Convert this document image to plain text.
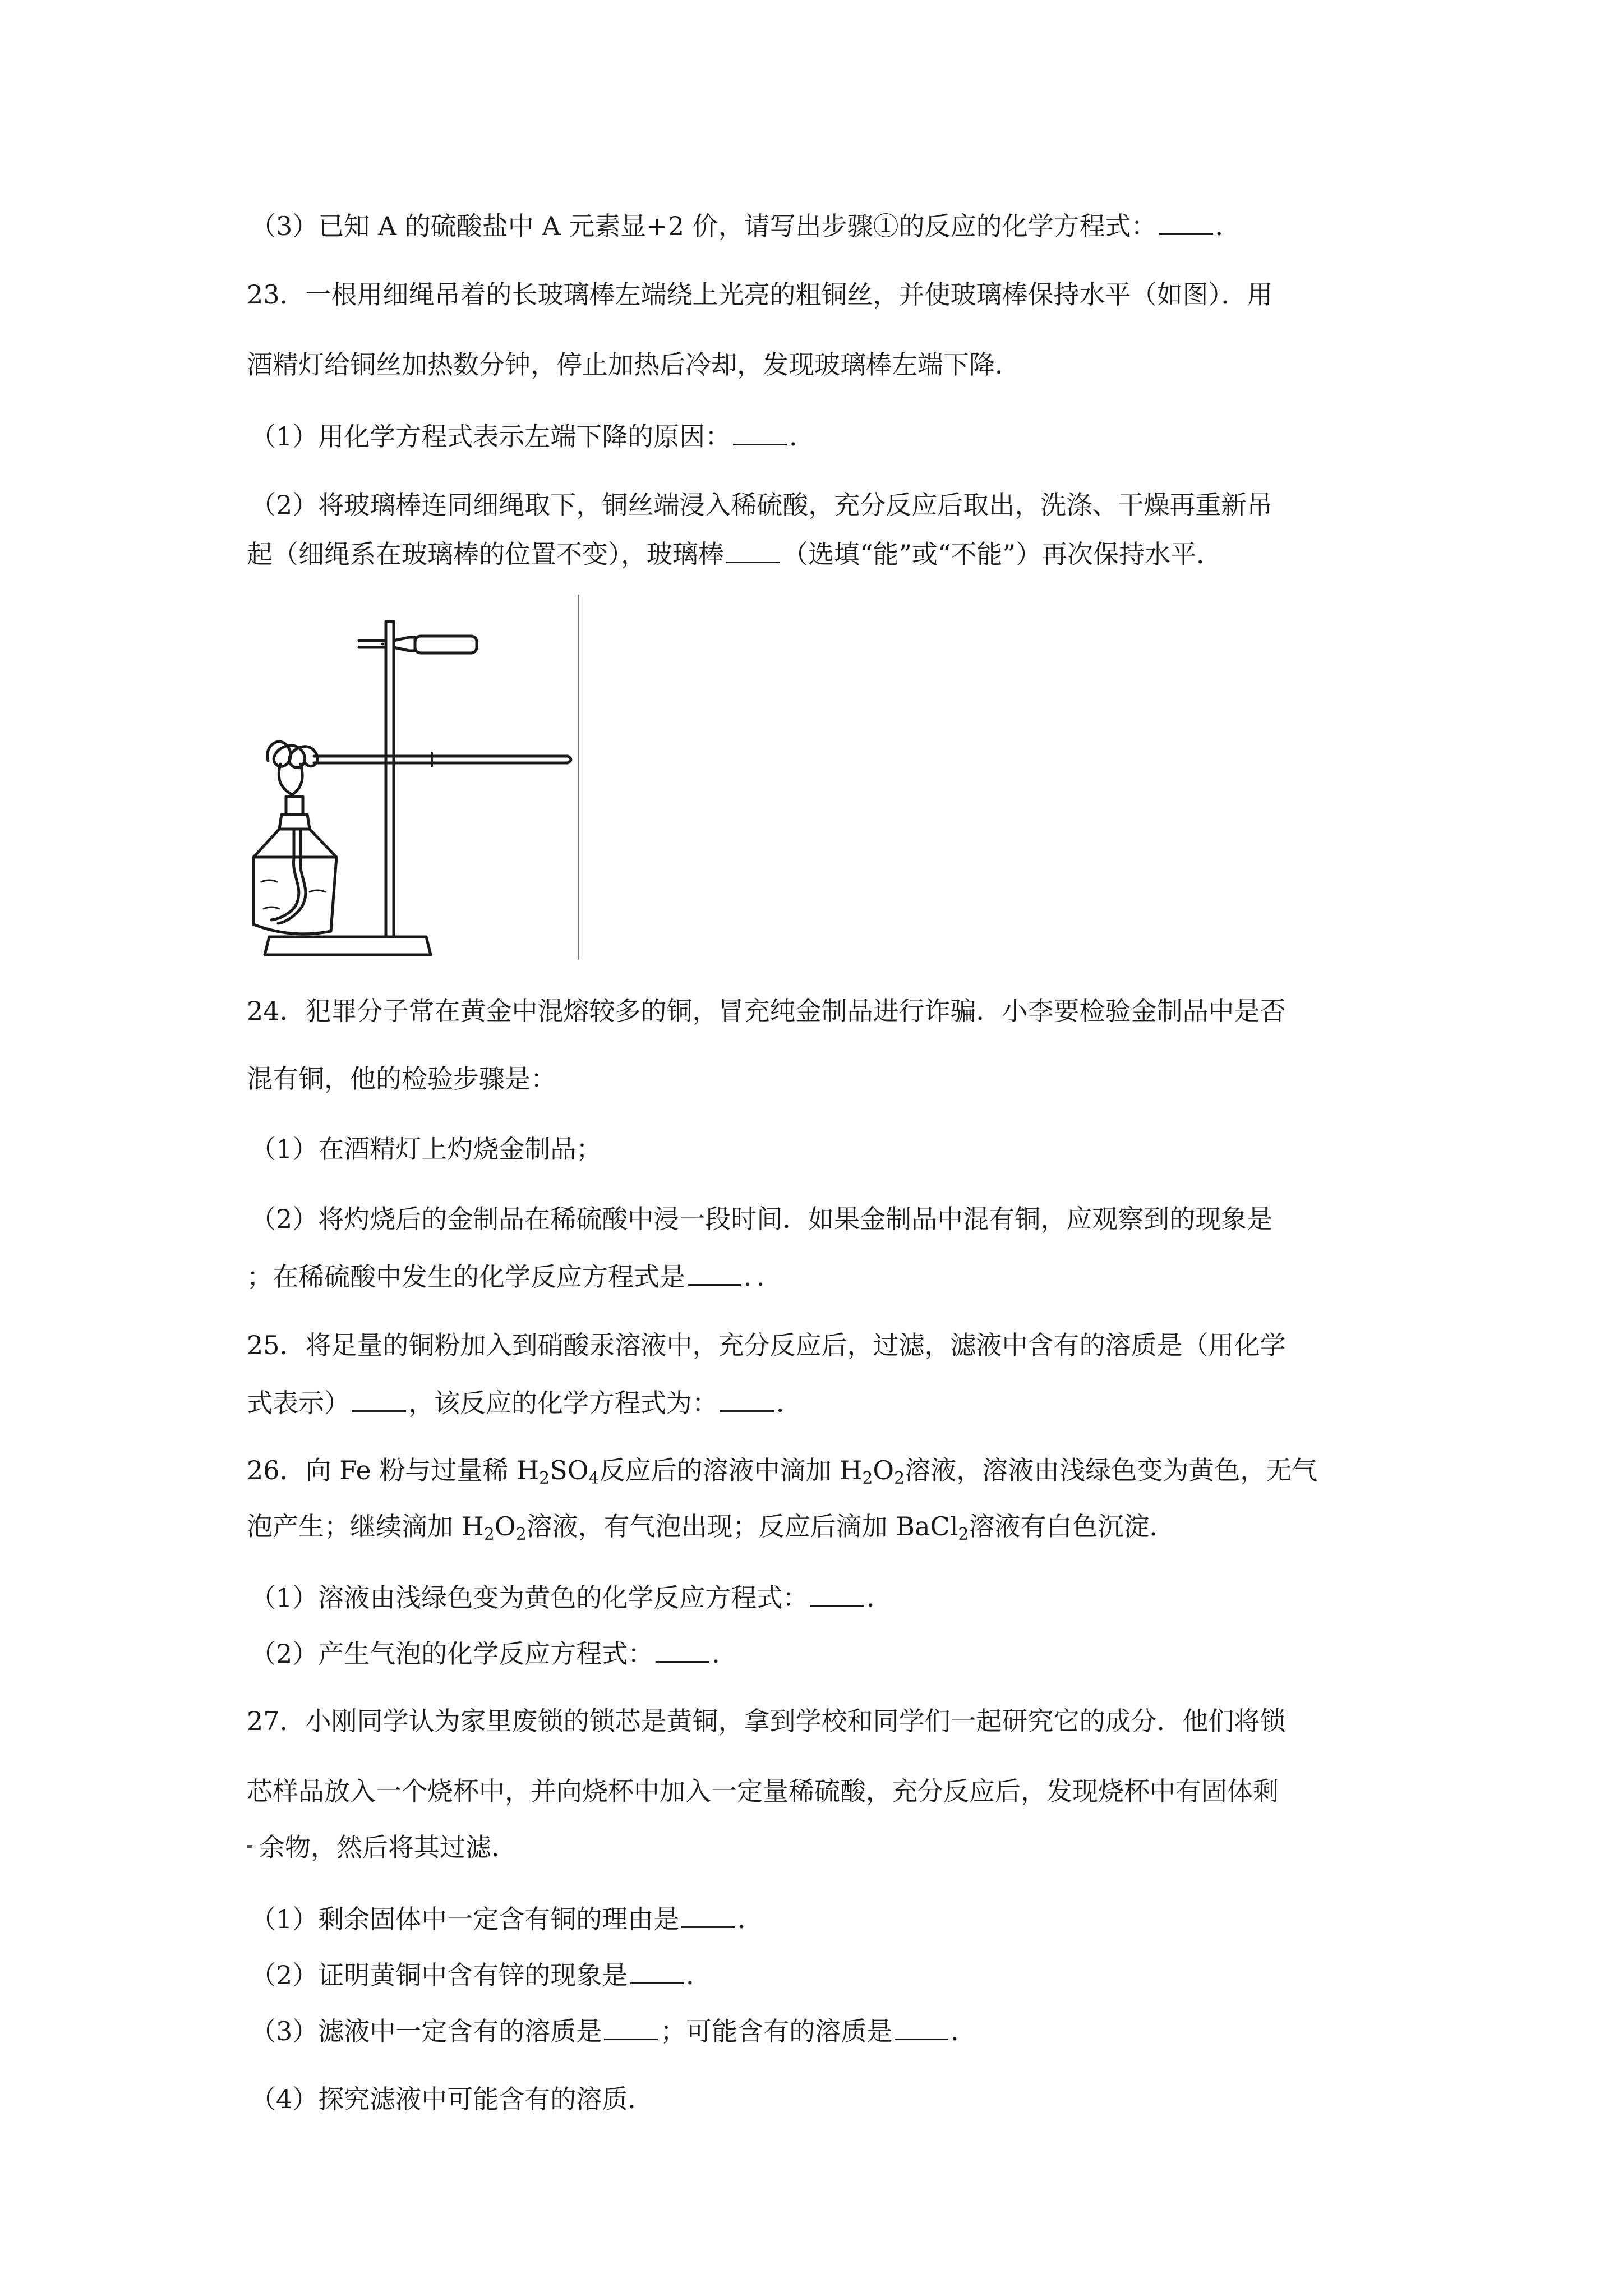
（3）已知 A 的硫酸盐中 A 元素显+2 价，请写出步骤①的反应的化学方程式： ．
23．一根用细绳吊着的长玻璃棒左端绕上光亮的粗铜丝，并使玻璃棒保持水平（如图）．用
酒精灯给铜丝加热数分钟，停止加热后冷却，发现玻璃棒左端下降．
（1）用化学方程式表示左端下降的原因： ．
（2）将玻璃棒连同细绳取下，铜丝端浸入稀硫酸，充分反应后取出，洗涤、干燥再重新吊
起（细绳系在玻璃棒的位置不变），玻璃棒 （选填“能”或“不能”）再次保持水平．
24．犯罪分子常在黄金中混熔较多的铜，冒充纯金制品进行诈骗．小李要检验金制品中是否
混有铜，他的检验步骤是：
（1）在酒精灯上灼烧金制品；
（2）将灼烧后的金制品在稀硫酸中浸一段时间．如果金制品中混有铜，应观察到的现象是
；在稀硫酸中发生的化学反应方程式是 ．．
25．将足量的铜粉加入到硝酸汞溶液中，充分反应后，过滤，滤液中含有的溶质是（用化学
式表示） ，该反应的化学方程式为： ．
26．向 Fe 粉与过量稀 $H_2SO_4$反应后的溶液中滴加 $H_2O_2$溶液，溶液由浅绿色变为黄色，无气
泡产生；继续滴加 $H_2O_2$溶液，有气泡出现；反应后滴加 BaCl$_2$溶液有白色沉淀．
（1）溶液由浅绿色变为黄色的化学反应方程式： ．
（2）产生气泡的化学反应方程式： ．
27．小刚同学认为家里废锁的锁芯是黄铜，拿到学校和同学们一起研究它的成分．他们将锁
芯样品放入一个烧杯中，并向烧杯中加入一定量稀硫酸，充分反应后，发现烧杯中有固体剩
余物，然后将其过滤．
（1）剩余固体中一定含有铜的理由是 ．
（2）证明黄铜中含有锌的现象是 ．
（3）滤液中一定含有的溶质是 ；可能含有的溶质是 ．
（4）探究滤液中可能含有的溶质．
